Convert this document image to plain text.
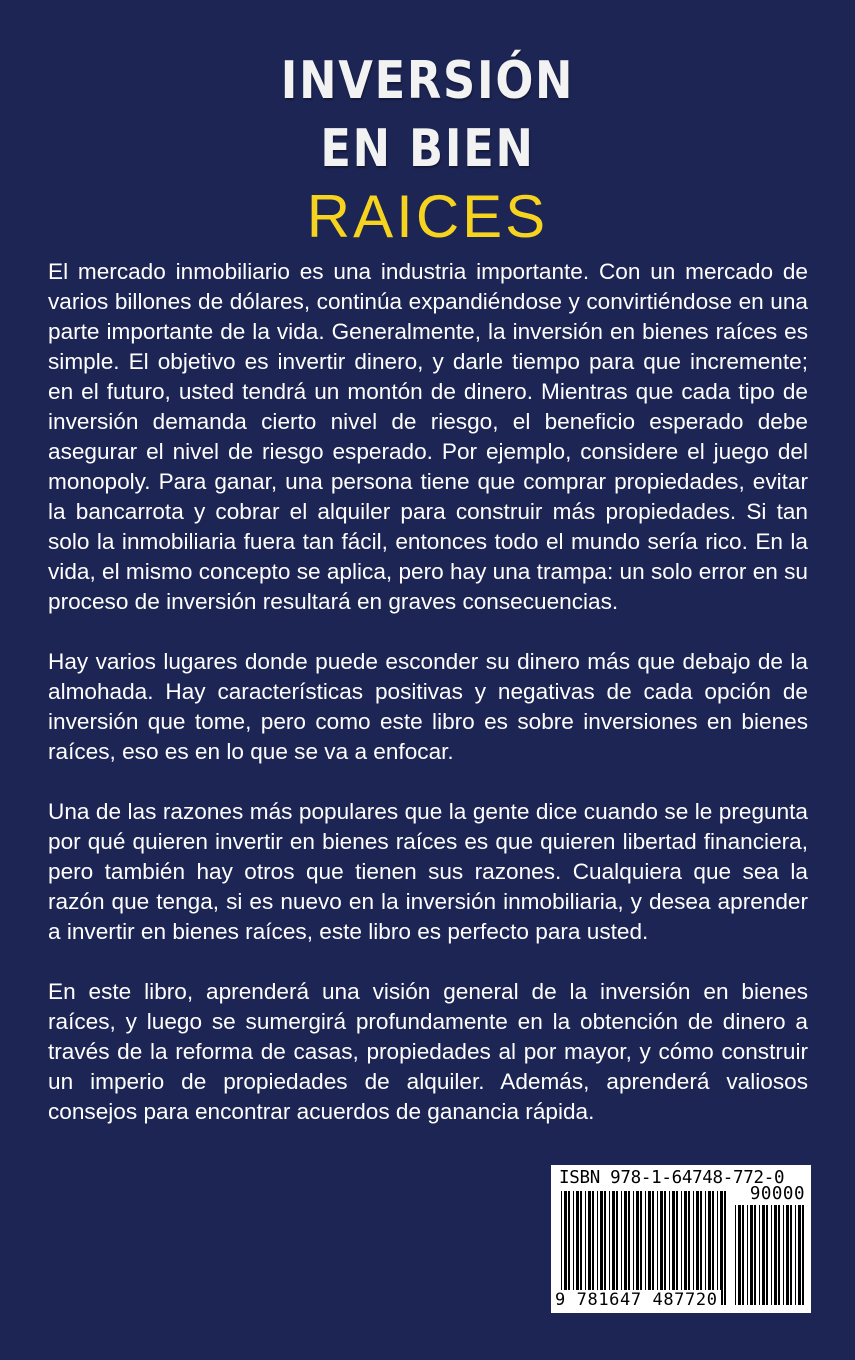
INVERSIÓN
EN BIEN
RAICES

El mercado inmobiliario es una industria importante. Con un mercado de varios billones de dólares, continúa expandiéndose y convirtiéndose en una parte importante de la vida. Generalmente, la inversión en bienes raíces es simple. El objetivo es invertir dinero, y darle tiempo para que incremente; en el futuro, usted tendrá un montón de dinero. Mientras que cada tipo de inversión demanda cierto nivel de riesgo, el beneficio esperado debe asegurar el nivel de riesgo esperado. Por ejemplo, considere el juego del monopoly. Para ganar, una persona tiene que comprar propiedades, evitar la bancarrota y cobrar el alquiler para construir más propiedades. Si tan solo la inmobiliaria fuera tan fácil, entonces todo el mundo sería rico. En la vida, el mismo concepto se aplica, pero hay una trampa: un solo error en su proceso de inversión resultará en graves consecuencias.

Hay varios lugares donde puede esconder su dinero más que debajo de la almohada. Hay características positivas y negativas de cada opción de inversión que tome, pero como este libro es sobre inversiones en bienes raíces, eso es en lo que se va a enfocar.

Una de las razones más populares que la gente dice cuando se le pregunta por qué quieren invertir en bienes raíces es que quieren libertad financiera, pero también hay otros que tienen sus razones. Cualquiera que sea la razón que tenga, si es nuevo en la inversión inmobiliaria, y desea aprender a invertir en bienes raíces, este libro es perfecto para usted.

En este libro, aprenderá una visión general de la inversión en bienes raíces, y luego se sumergirá profundamente en la obtención de dinero a través de la reforma de casas, propiedades al por mayor, y cómo construir un imperio de propiedades de alquiler. Además, aprenderá valiosos consejos para encontrar acuerdos de ganancia rápida.

ISBN 978-1-64748-772-0
90000
9 781647 487720
